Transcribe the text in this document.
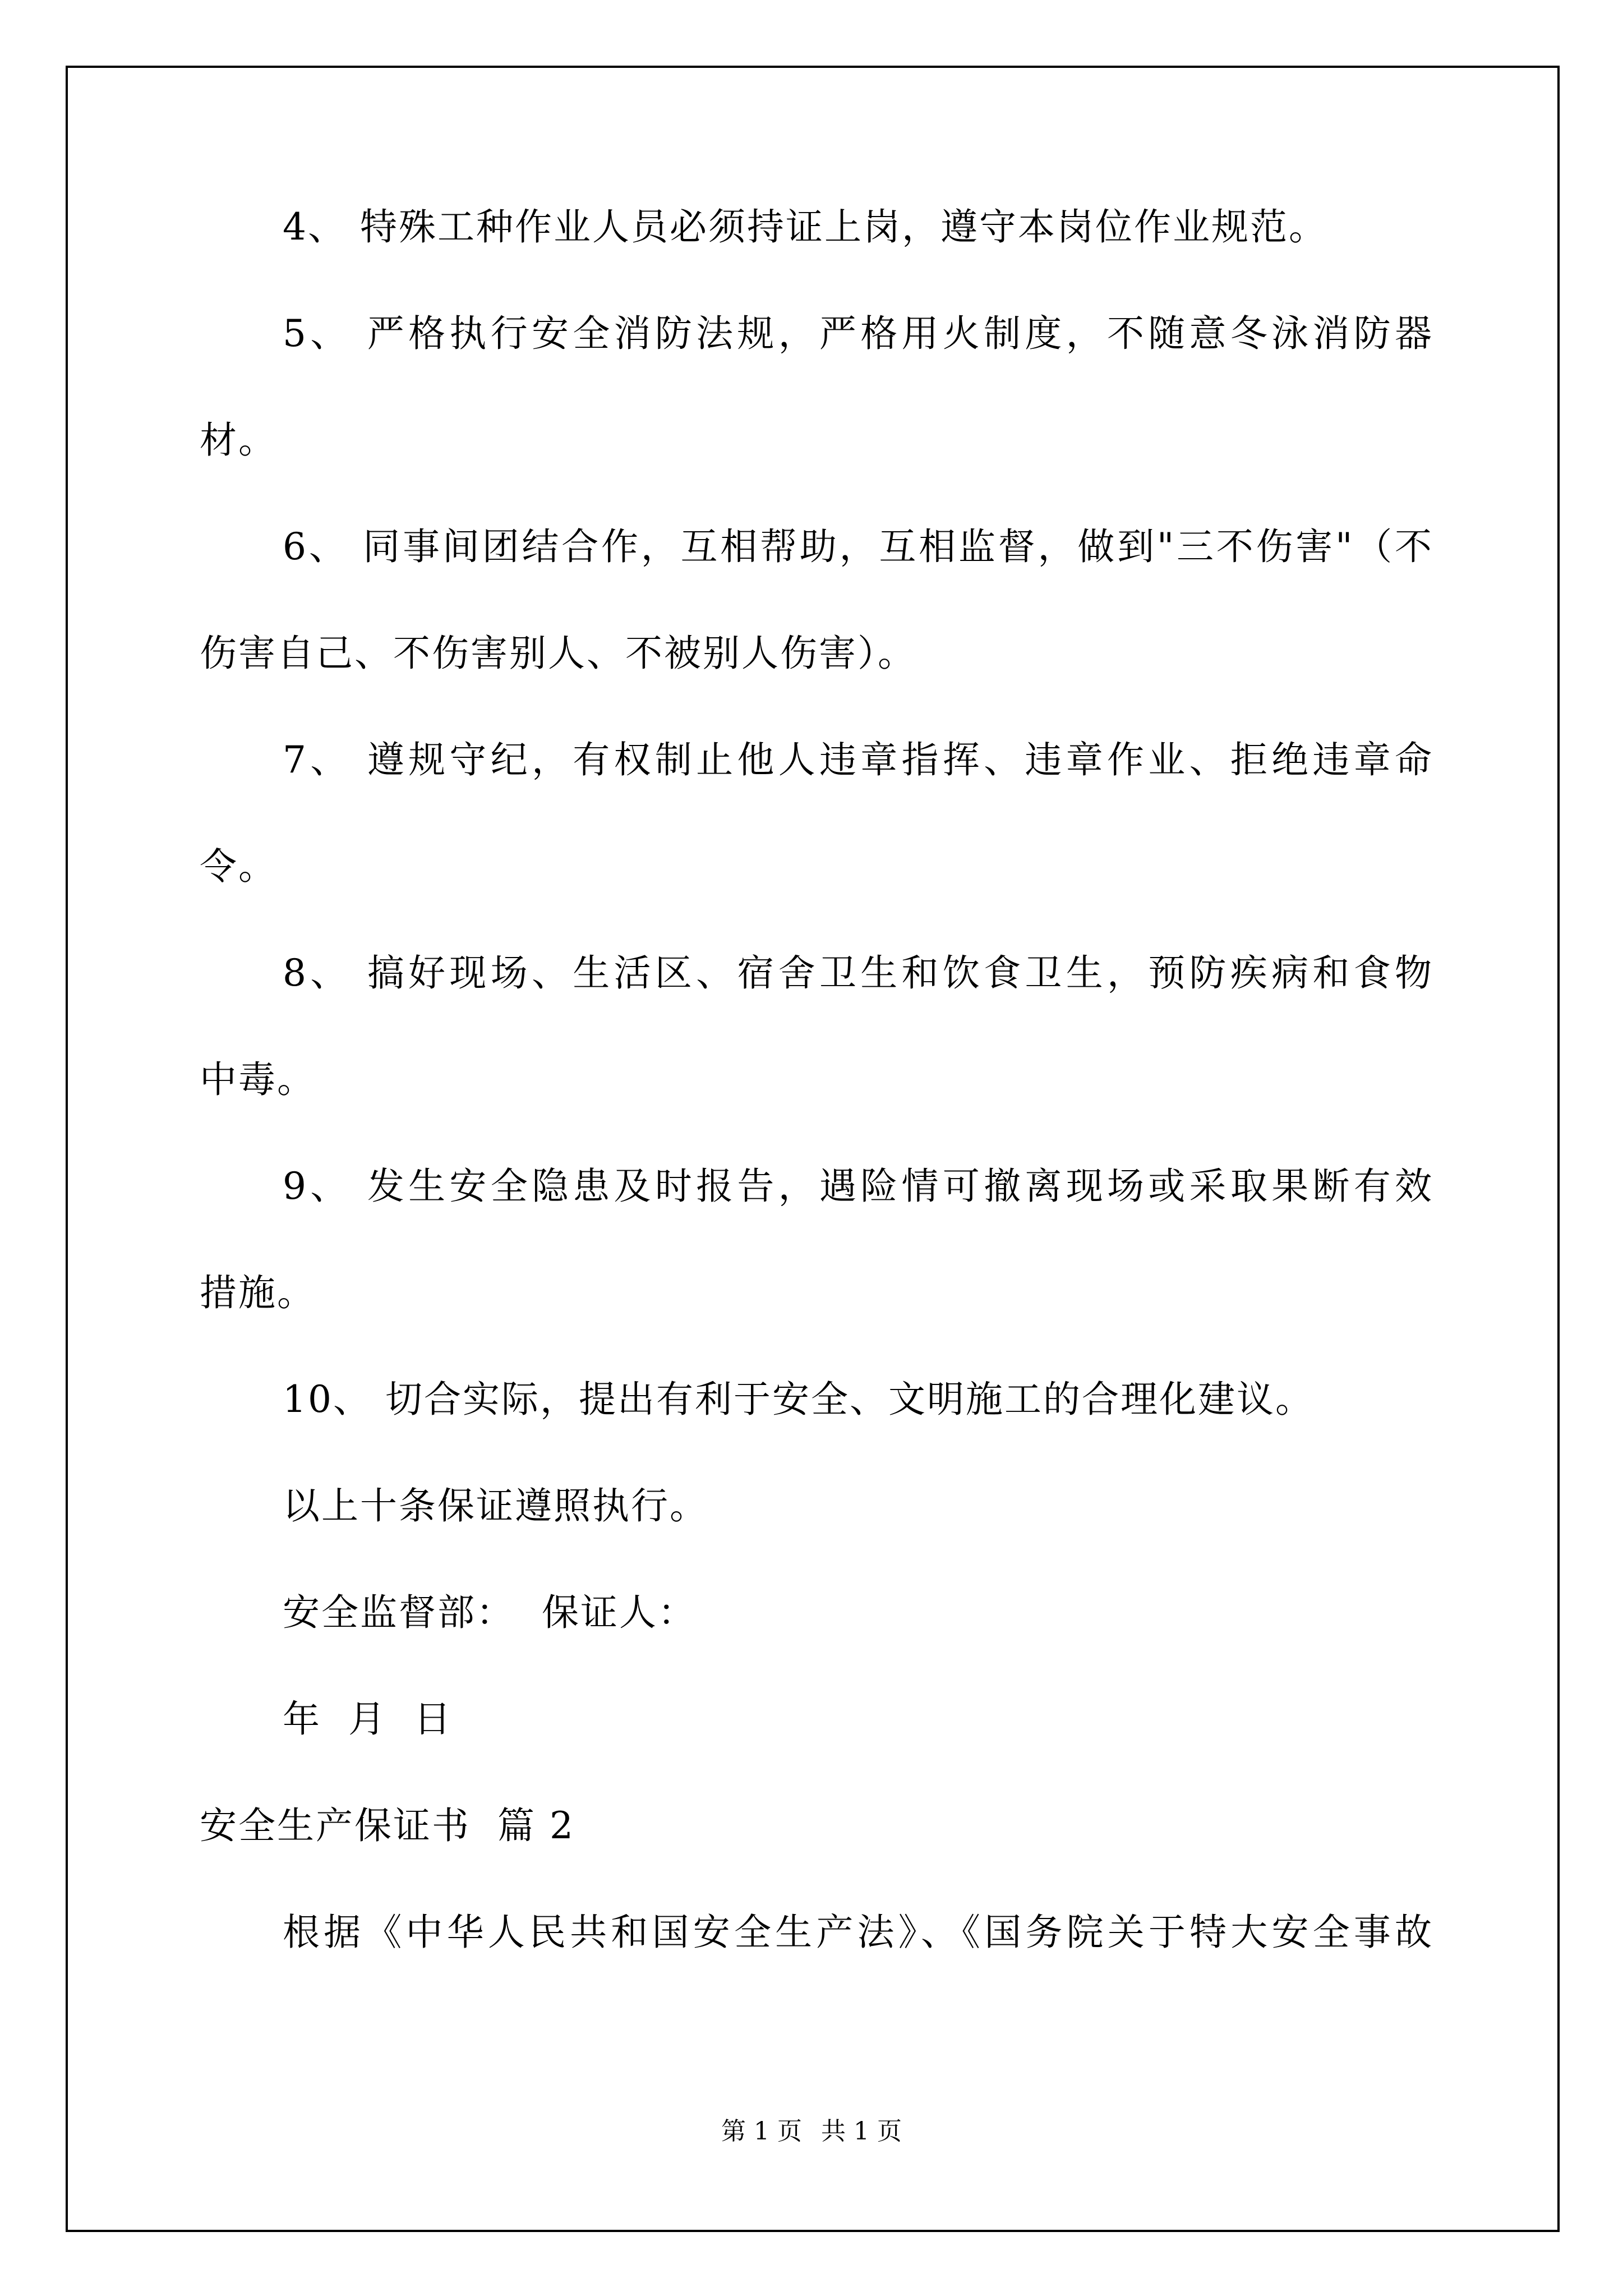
4、 特殊工种作业人员必须持证上岗，遵守本岗位作业规范。
5、 严格执行安全消防法规，严格用火制度，不随意冬泳消防器
材。
6、 同事间团结合作，互相帮助，互相监督，做到"三不伤害"（不
伤害自己、不伤害别人、不被别人伤害）。
7、 遵规守纪，有权制止他人违章指挥、违章作业、拒绝违章命
令。
8、 搞好现场、生活区、宿舍卫生和饮食卫生，预防疾病和食物
中毒。
9、 发生安全隐患及时报告，遇险情可撤离现场或采取果断有效
措施。
10、 切合实际，提出有利于安全、文明施工的合理化建议。
以上十条保证遵照执行。
安全监督部：  保证人：
年  月  日
安全生产保证书  篇 2
根据《中华人民共和国安全生产法》、《国务院关于特大安全事故
第 1 页 共 1 页
